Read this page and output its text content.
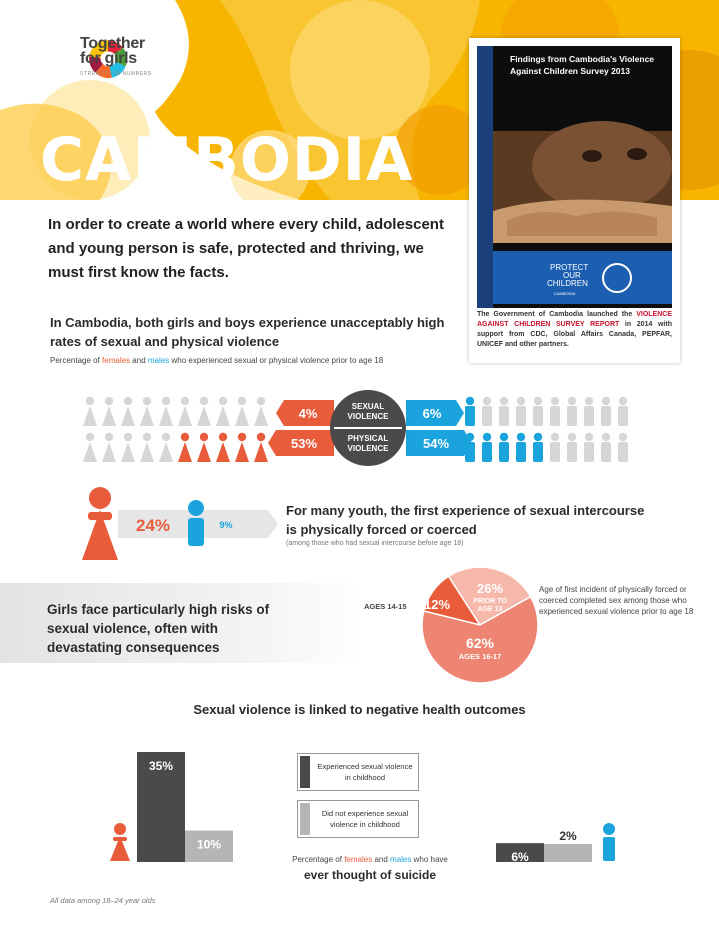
Together
for girls
STRENGTH IN NUMBERS
CAMBODIA
In order to create a world where every child, adolescent and young person is safe, protected and thriving, we must first know the facts.	PROTECT
OUR
CHILDREN
CAMBODIA
Findings from Cambodia's Violence Against Children Survey 2013
The Government of Cambodia launched the VIOLENCE AGAINST CHILDREN SURVEY REPORT in 2014 with support from CDC, Global Affairs Canada, PEPFAR, UNICEF and other partners.
In Cambodia, both girls and boys experience unacceptably high rates of sexual and physical violence
Percentage of females and males who experienced sexual or physical violence prior to age 18
4%
53%
6%
54%
SEXUAL
VIOLENCE
PHYSICAL
VIOLENCE
24%	9%
For many youth, the first experience of sexual intercourse is physically forced or coerced
(among those who had sexual intercourse before age 18)
Girls face particularly high risks of sexual violence, often with devastating consequences
AGES 14-15 12%
26%
PRIOR TO
AGE 13
62%
AGES 16-17
Age of first incident of physically forced or coerced completed sex among those who experienced sexual violence prior to age 18
Sexual violence is linked to negative health outcomes
35%
10%
6%
2%
Experienced sexual violence in childhood
Did not experience sexual violence in childhood
Percentage of females and males who have
ever thought of suicide
All data among 18–24 year olds
